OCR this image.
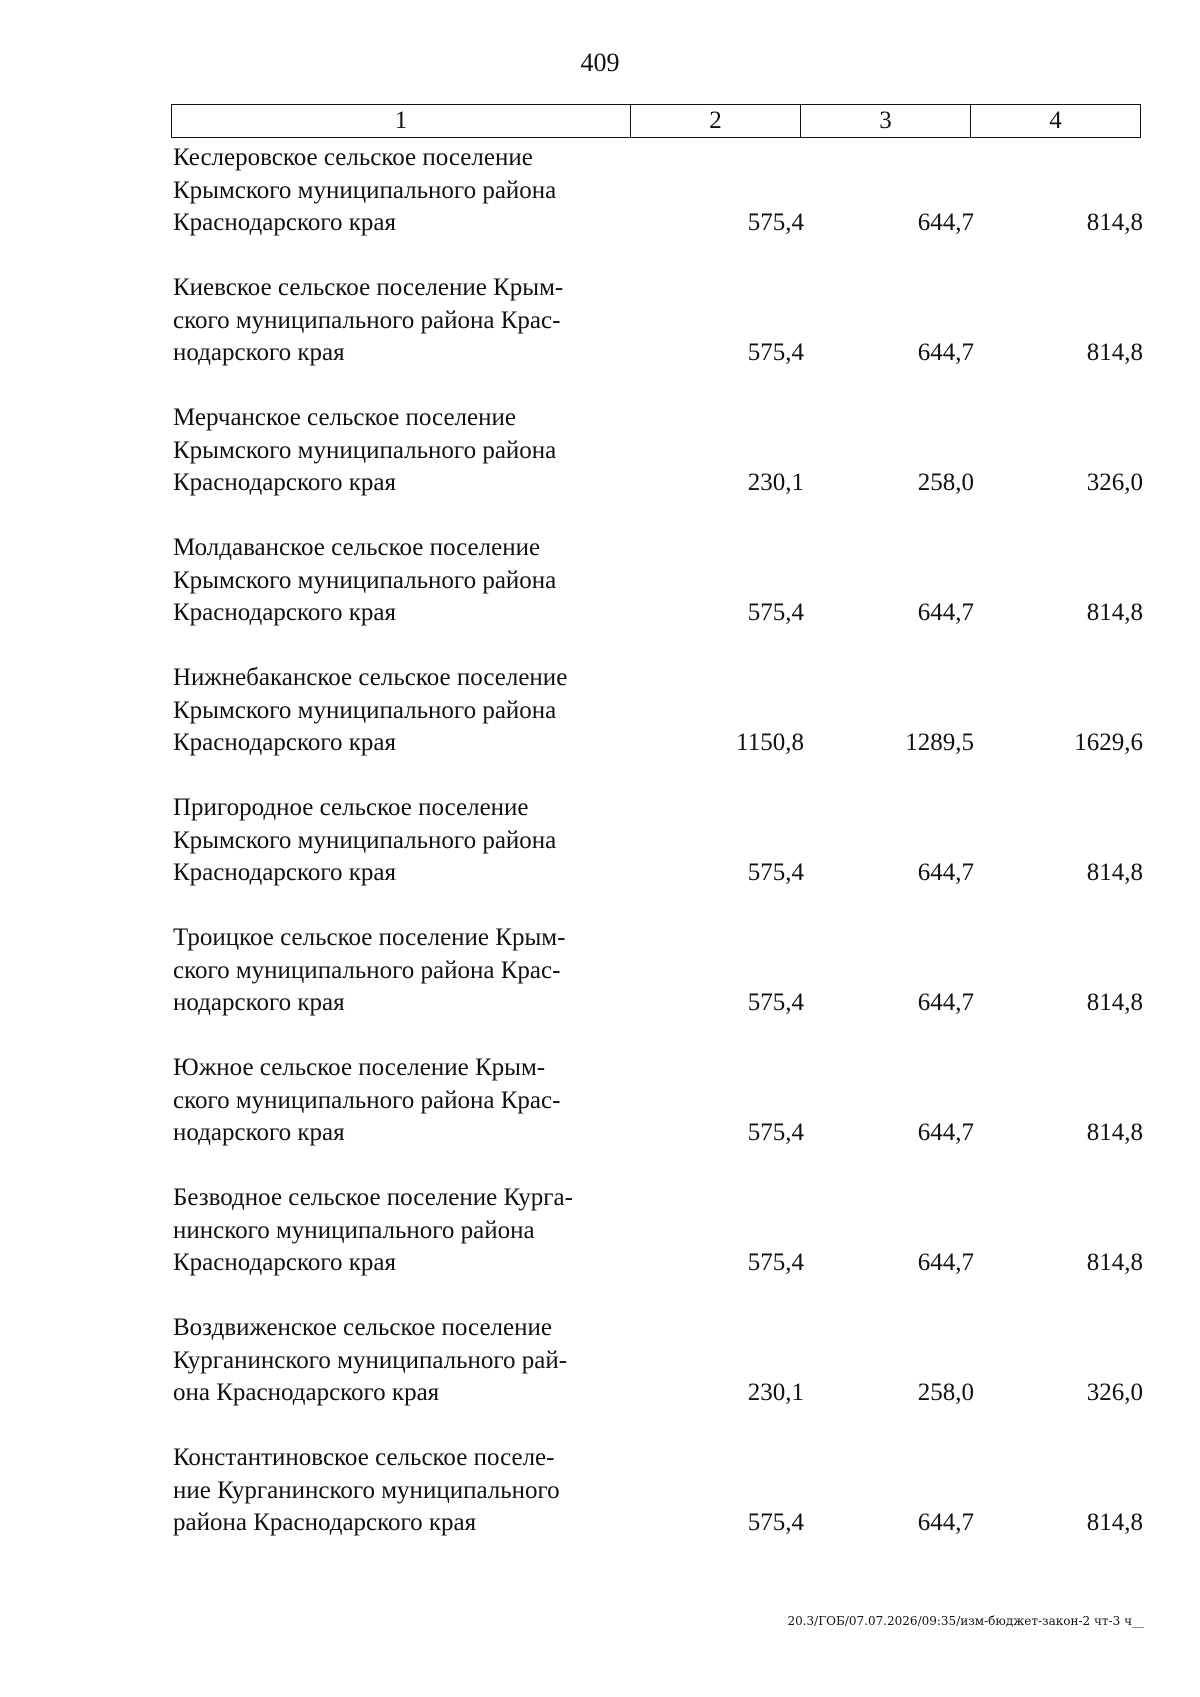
409
1	2	3	4
Кеслеровское сельское поселение
Крымского муниципального района
Краснодарского края	575,4	644,7	814,8
Киевское сельское поселение Крым-
ского муниципального района Крас-
нодарского края	575,4	644,7	814,8
Мерчанское сельское поселение
Крымского муниципального района
Краснодарского края	230,1	258,0	326,0
Молдаванское сельское поселение
Крымского муниципального района
Краснодарского края	575,4	644,7	814,8
Нижнебаканское сельское поселение
Крымского муниципального района
Краснодарского края	1150,8	1289,5	1629,6
Пригородное сельское поселение
Крымского муниципального района
Краснодарского края	575,4	644,7	814,8
Троицкое сельское поселение Крым-
ского муниципального района Крас-
нодарского края	575,4	644,7	814,8
Южное сельское поселение Крым-
ского муниципального района Крас-
нодарского края	575,4	644,7	814,8
Безводное сельское поселение Курга-
нинского муниципального района
Краснодарского края	575,4	644,7	814,8
Воздвиженское сельское поселение
Курганинского муниципального рай-
она Краснодарского края	230,1	258,0	326,0
Константиновское сельское поселе-
ние Курганинского муниципального
района Краснодарского края	575,4	644,7	814,8
20.3/ГОБ/07.07.2026/09:35/изм-бюджет-закон-2 чт-3 ч__
